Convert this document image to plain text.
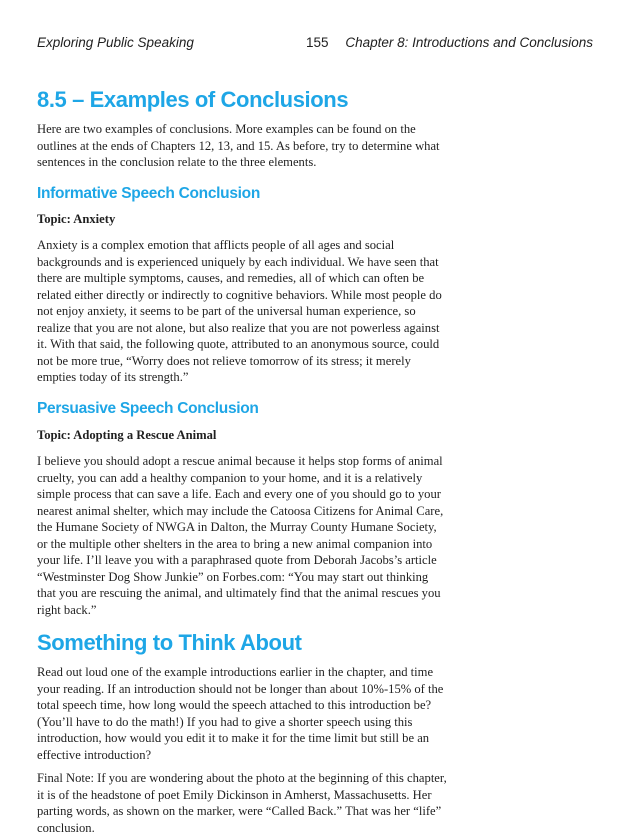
Exploring Public Speaking	155 Chapter 8: Introductions and Conclusions
8.5 – Examples of Conclusions

Here are two examples of conclusions. More examples can be found on the outlines at the ends of Chapters 12, 13, and 15. As before, try to determine what sentences in the conclusion relate to the three elements.

Informative Speech Conclusion
Topic: Anxiety

Anxiety is a complex emotion that afflicts people of all ages and social backgrounds and is experienced uniquely by each individual. We have seen that there are multiple symptoms, causes, and remedies, all of which can often be related either directly or indirectly to cognitive behaviors. While most people do not enjoy anxiety, it seems to be part of the universal human experience, so realize that you are not alone, but also realize that you are not powerless against it. With that said, the following quote, attributed to an anonymous source, could not be more true, “Worry does not relieve tomorrow of its stress; it merely empties today of its strength.”

Persuasive Speech Conclusion
Topic: Adopting a Rescue Animal

I believe you should adopt a rescue animal because it helps stop forms of animal cruelty, you can add a healthy companion to your home, and it is a relatively simple process that can save a life. Each and every one of you should go to your nearest animal shelter, which may include the Catoosa Citizens for Animal Care, the Humane Society of NWGA in Dalton, the Murray County Humane Society, or the multiple other shelters in the area to bring a new animal companion into your life. I’ll leave you with a paraphrased quote from Deborah Jacobs’s article “Westminster Dog Show Junkie” on Forbes.com: “You may start out thinking that you are rescuing the animal, and ultimately find that the animal rescues you right back.”

Something to Think About

Read out loud one of the example introductions earlier in the chapter, and time your reading. If an introduction should not be longer than about 10%-15% of the total speech time, how long would the speech attached to this introduction be? (You’ll have to do the math!) If you had to give a shorter speech using this introduction, how would you edit it to make it for the time limit but still be an effective introduction?

Final Note: If you are wondering about the photo at the beginning of this chapter, it is of the headstone of poet Emily Dickinson in Amherst, Massachusetts. Her parting words, as shown on the marker, were “Called Back.” That was her “life” conclusion.
